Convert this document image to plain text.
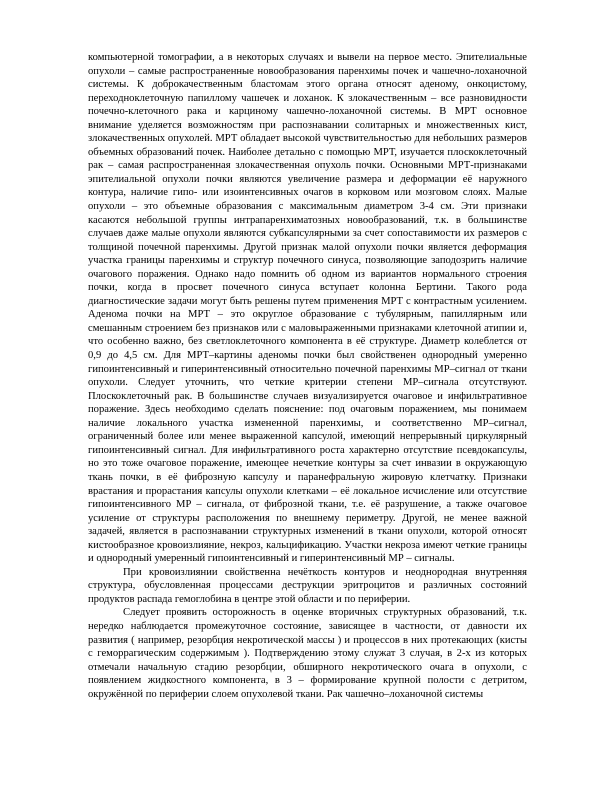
компьютерной томографии, а в некоторых случаях и вывели на первое место. Эпителиальные опухоли – самые распространенные новообразования паренхимы почек и чашечно-лоханочной системы. К доброкачественным бластомам этого органа относят аденому, онкоцистому, переходноклеточную папиллому чашечек и лоханок. К злокачественным – все разновидности почечно-клеточного рака и карциному чашечно-лоханочной системы. В МРТ основное внимание уделяется возможностям при распознавании солитарных и множественных кист, злокачественных опухолей. МРТ обладает высокой чувствительностью для небольших размеров объемных образований почек. Наиболее детально с помощью МРТ, изучается плоскоклеточный рак – самая распространенная злокачественная опухоль почки. Основными МРТ-признаками эпителиальной опухоли почки являются увеличение размера и деформации её наружного контура, наличие гипо- или изоинтенсивных очагов в корковом или мозговом слоях. Малые опухоли – это объемные образования с максимальным диаметром 3-4 см. Эти признаки касаются небольшой группы интрапаренхиматозных новообразований, т.к. в большинстве случаев даже малые опухоли являются субкапсулярными за счет сопоставимости их размеров с толщиной почечной паренхимы. Другой признак малой опухоли почки является деформация участка границы паренхимы и структур почечного синуса, позволяющие заподозрить наличие очагового поражения. Однако надо помнить об одном из вариантов нормального строения почки, когда в просвет почечного синуса вступает колонна Бертини. Такого рода диагностические задачи могут быть решены путем применения МРТ с контрастным усилением. Аденома почки на МРТ – это округлое образование с тубулярным, папиллярным или смешанным строением без признаков или с маловыраженными признаками клеточной атипии и, что особенно важно, без светлоклеточного компонента в её структуре. Диаметр колеблется от 0,9 до 4,5 см. Для МРТ–картины аденомы почки был свойственен однородный умеренно гипоинтенсивный и гиперинтенсивный относительно почечной паренхимы МР–сигнал от ткани опухоли. Следует уточнить, что четкие критерии степени МР–сигнала отсутствуют. Плоскоклеточный рак. В большинстве случаев визуализируется очаговое и инфильтративное поражение. Здесь необходимо сделать пояснение: под очаговым поражением, мы понимаем наличие локального участка измененной паренхимы, и соответственно МР–сигнал, ограниченный более или менее выраженной капсулой, имеющий непрерывный циркулярный гипоинтенсивный сигнал. Для инфильтративного роста характерно отсутствие псевдокапсулы, но это тоже очаговое поражение, имеющее нечеткие контуры за счет инвазии в окружающую ткань почки, в её фиброзную капсулу и паранефральную жировую клетчатку. Признаки врастания и прорастания капсулы опухоли клетками – её локальное исчисление или отсутствие гипоинтенсивного МР – сигнала, от фиброзной ткани, т.е. её разрушение, а также очаговое усиление от структуры расположения по внешнему периметру. Другой, не менее важной задачей, является в распознавании структурных изменений в ткани опухоли, которой относят кистообразное кровоизлияние, некроз, кальцификацию. Участки некроза имеют четкие границы и однородный умеренный гипоинтенсивный и гиперинтенсивный МР – сигналы.

При кровоизлиянии свойственна нечёткость контуров и неоднородная внутренняя структура, обусловленная процессами деструкции эритроцитов и различных состояний продуктов распада гемоглобина в центре этой области и по периферии.

Следует проявить осторожность в оценке вторичных структурных образований, т.к. нередко наблюдается промежуточное состояние, зависящее в частности, от давности их развития ( например, резорбция некротической массы ) и процессов в них протекающих (кисты с геморрагическим содержимым ). Подтверждению этому служат 3 случая, в 2-х из которых отмечали начальную стадию резорбции, обширного некротического очага в опухоли, с появлением жидкостного компонента, в 3 – формирование крупной полости с детритом, окружённой по периферии слоем опухолевой ткани. Рак чашечно–лоханочной системы
